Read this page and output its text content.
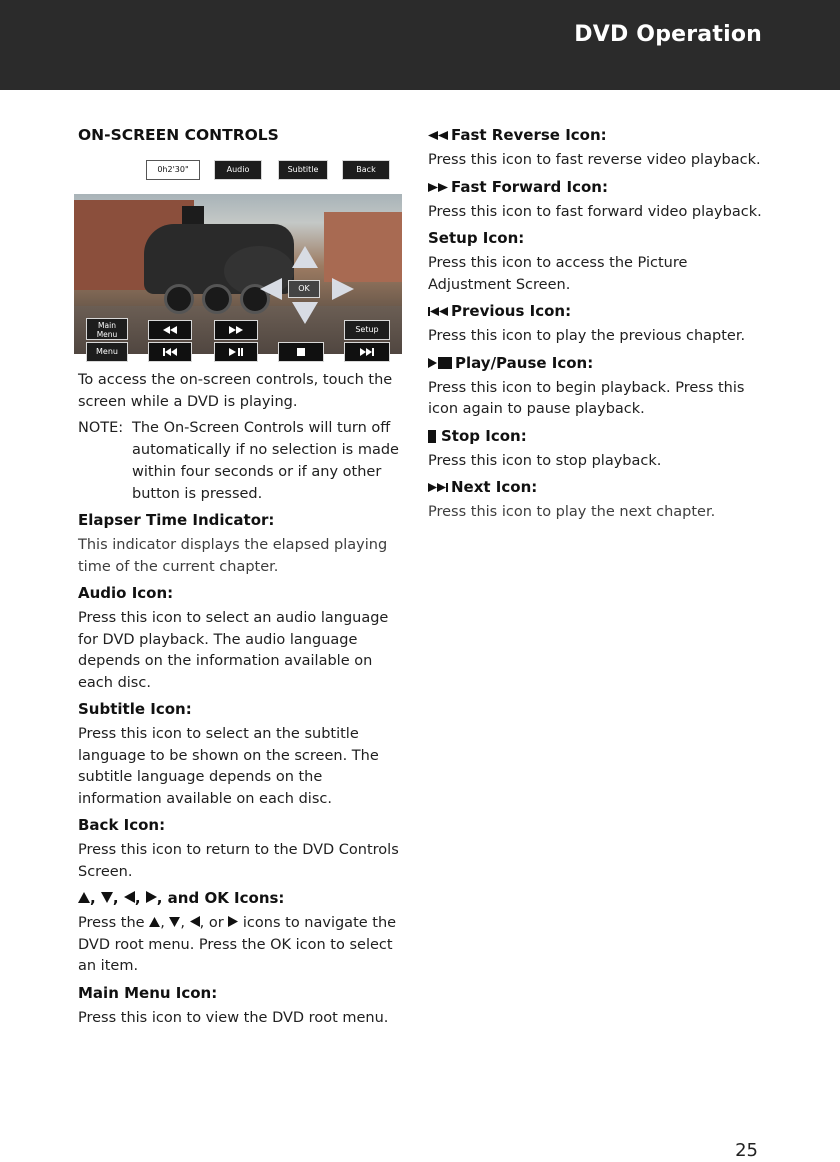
DVD Operation
ON-SCREEN CONTROLS
0h2'30"	Audio	Subtitle	Back
OK
Main Menu
Setup
Menu
To access the on-screen controls, touch the screen while a DVD is playing.
NOTE: The On-Screen Controls will turn off automatically if no selection is made within four seconds or if any other button is pressed.
Elapser Time Indicator:
This indicator displays the elapsed playing time of the current chapter.
Audio Icon:
Press this icon to select an audio language for DVD playback. The audio language depends on the information available on each disc.
Subtitle Icon:
Press this icon to select an the subtitle language to be shown on the screen. The subtitle language depends on the information available on each disc.
Back Icon:
Press this icon to return to the DVD Controls Screen.
, , , , and OK Icons:
Press the , , , or icons to navigate the DVD root menu. Press the OK icon to select an item.
Main Menu Icon:
Press this icon to view the DVD root menu.
Fast Reverse Icon:
Press this icon to fast reverse video playback.
Fast Forward Icon:
Press this icon to fast forward video playback.
Setup Icon:
Press this icon to access the Picture Adjustment Screen.
Previous Icon:
Press this icon to play the previous chapter.
Play/Pause Icon:
Press this icon to begin playback. Press this icon again to pause playback.
Stop Icon:
Press this icon to stop playback.
Next Icon:
Press this icon to play the next chapter.
25
